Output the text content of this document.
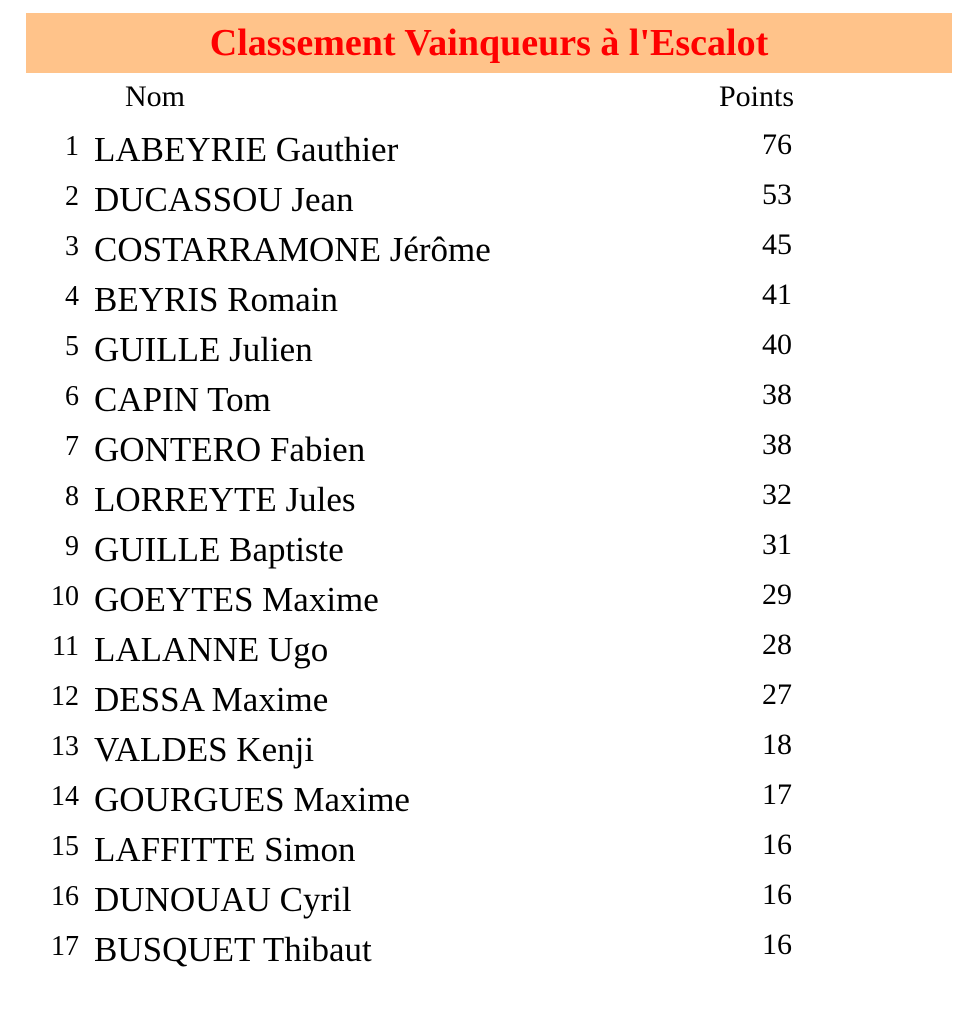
Classement Vainqueurs à l'Escalot
Nom	Points
1 LABEYRIE Gauthier	76
2 DUCASSOU Jean	53
3 COSTARRAMONE Jérôme	45
4 BEYRIS Romain	41
5 GUILLE Julien	40
6 CAPIN Tom	38
7 GONTERO Fabien	38
8 LORREYTE Jules	32
9 GUILLE Baptiste	31
10 GOEYTES Maxime	29
11 LALANNE Ugo	28
12 DESSA Maxime	27
13 VALDES Kenji	18
14 GOURGUES Maxime	17
15 LAFFITTE Simon	16
16 DUNOUAU Cyril	16
17 BUSQUET Thibaut	16
